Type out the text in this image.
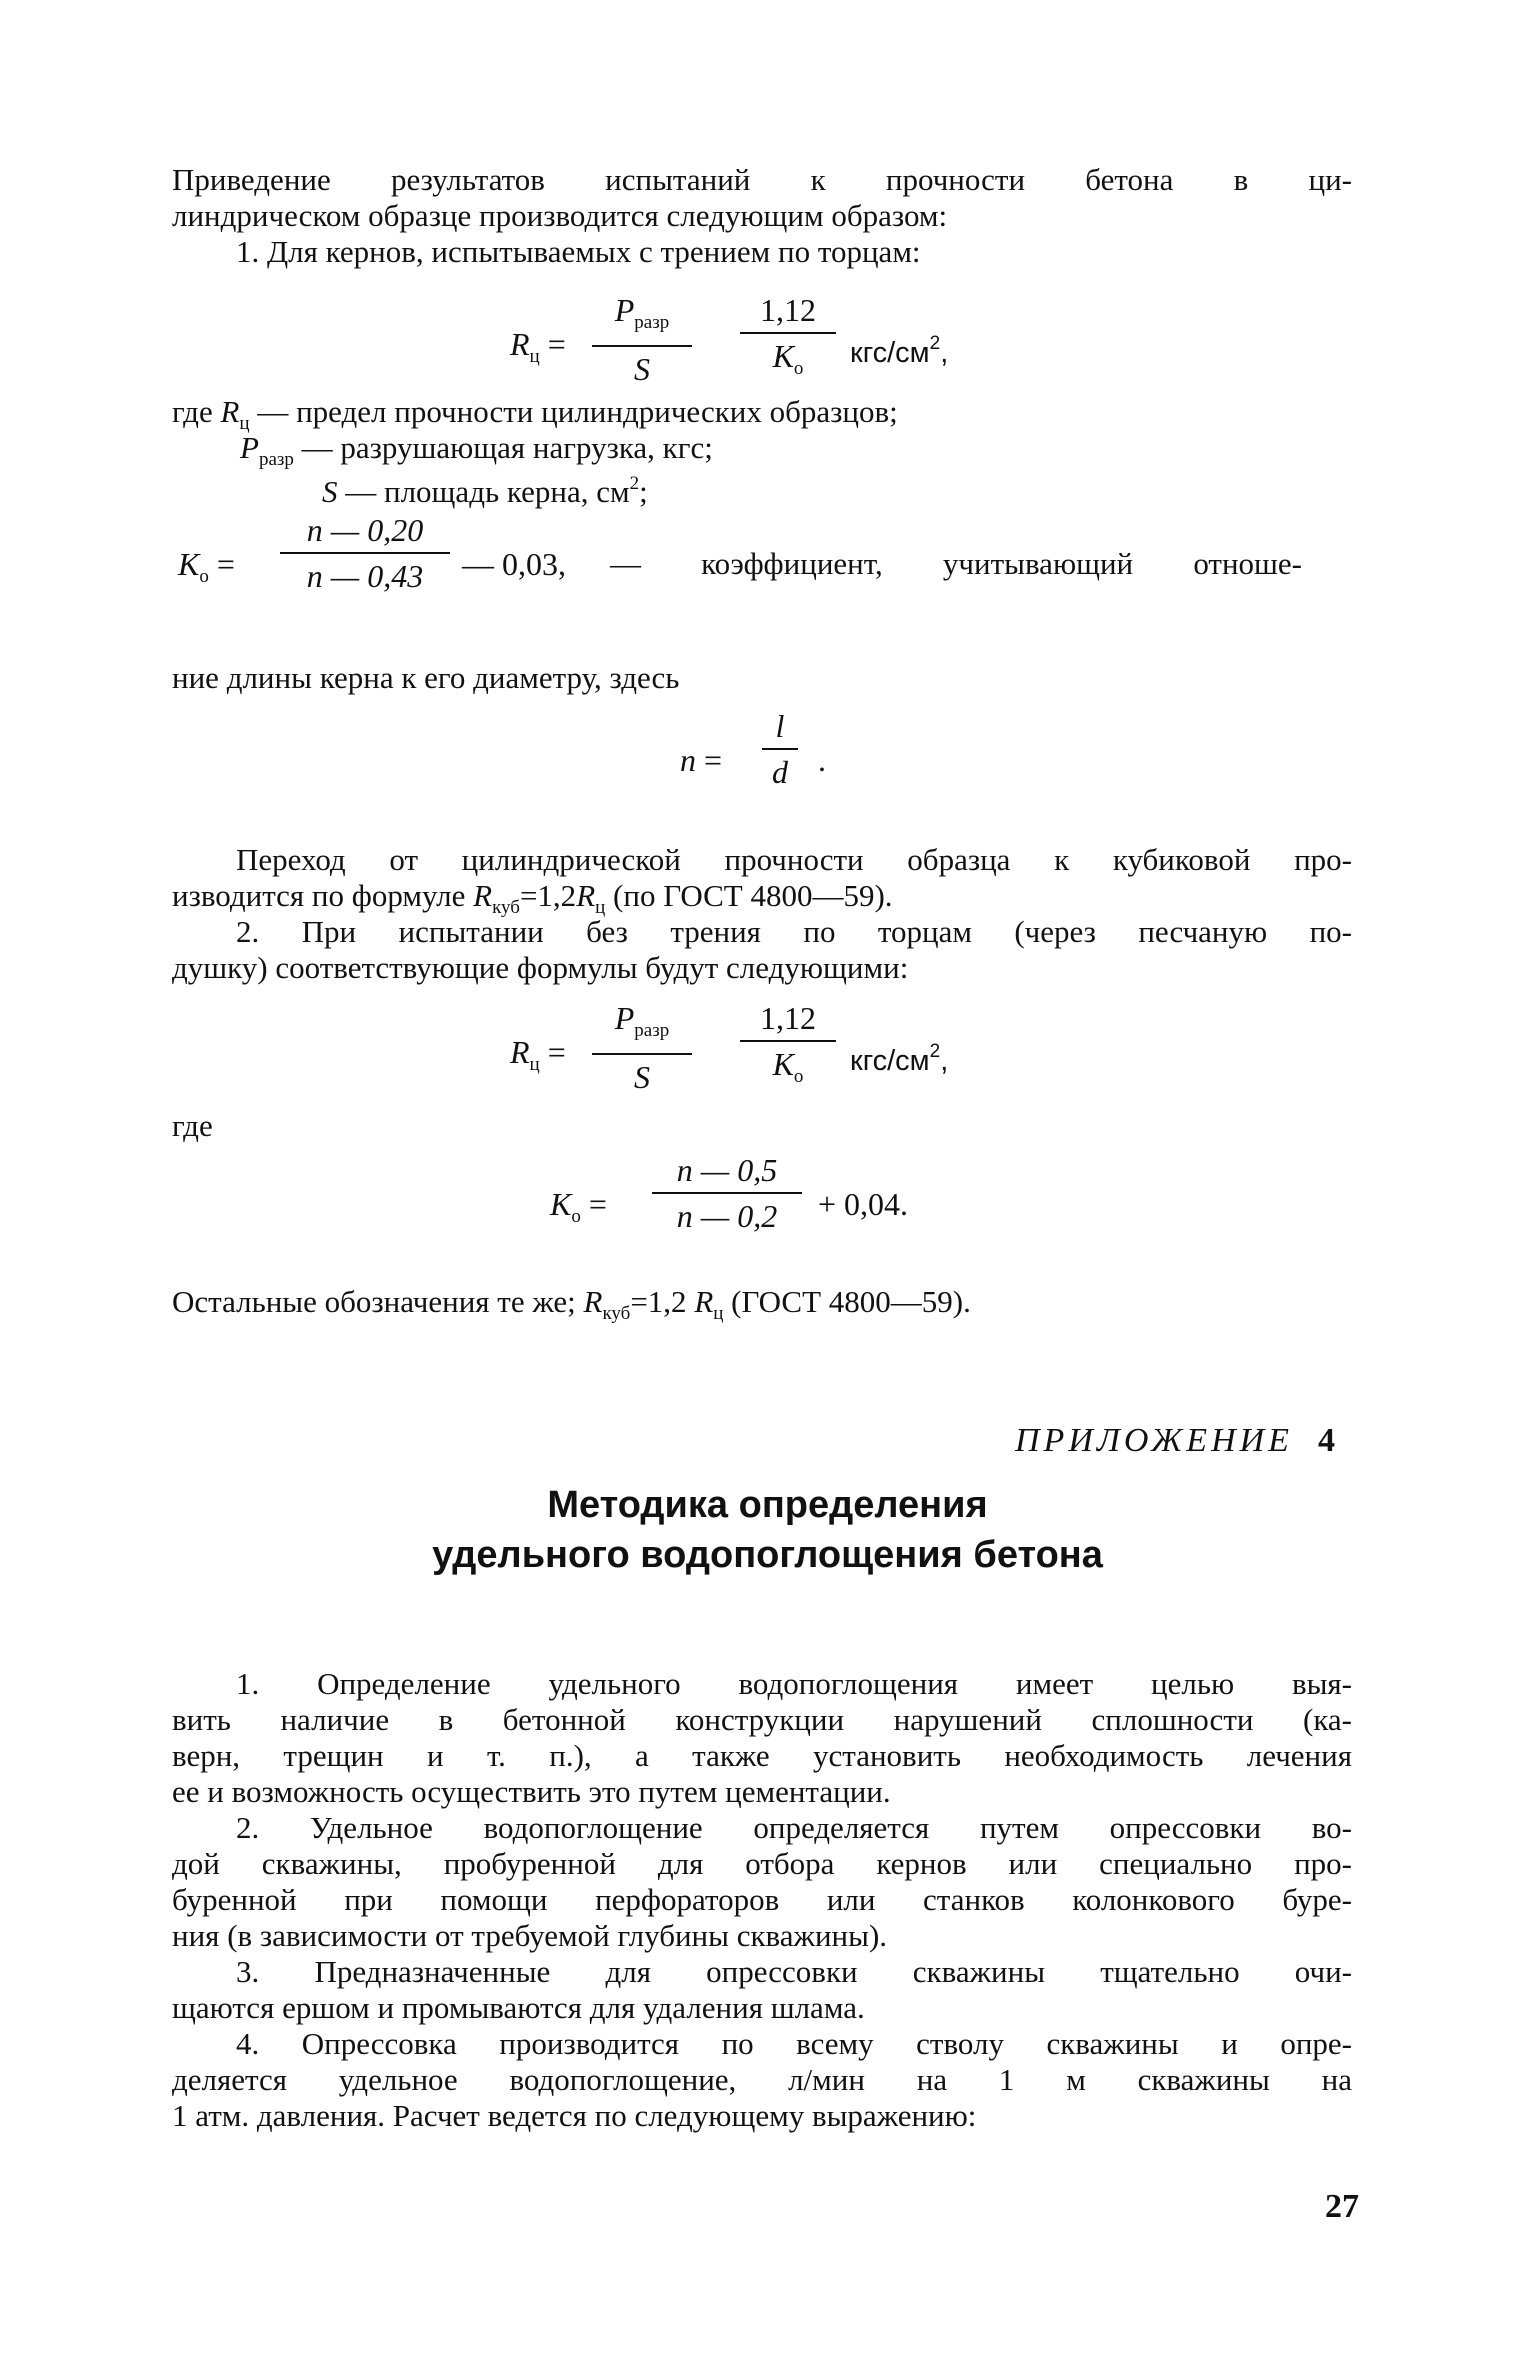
Приведение результатов испытаний к прочности бетона в ци-
линдрическом образце производится следующим образом:
1. Для кернов, испытываемых с трением по торцам:
$R_ц$ =
$P_{разр}$
S
1,12
$K_о$	кгс/$см^2$,
где $R_ц$ — предел прочности цилиндрических образцов;
$P_{разр}$ — разрушающая нагрузка, кгс;
S — площадь керна, $см^2$;
$K_о$ =
n — 0,20
n — 0,43	— 0,03, — коэффициент, учитывающий отноше-
ние длины керна к его диаметру, здесь
n =
l
d .
Переход от цилиндрической прочности образца к кубиковой про-
изводится по формуле $R_{куб}=1,2R_ц$ (по ГОСТ 4800—59).
2. При испытании без трения по торцам (через песчаную по-
душку) соответствующие формулы будут следующими:
$R_ц$ =
$P_{разр}$
S
1,12
$K_о$	кгс/$см^2$,
где
$K_о$ =
n — 0,5
n — 0,2	+ 0,04.
Остальные обозначения те же; $R_{куб}=1,2$ $R_ц$ (ГОСТ 4800—59).
ПРИЛОЖЕНИЕ 4
Методика определения
удельного водопоглощения бетона
1. Определение удельного водопоглощения имеет целью выя-
вить наличие в бетонной конструкции нарушений сплошности (ка-
верн, трещин и т. п.), а также установить необходимость лечения
ее и возможность осуществить это путем цементации.
2. Удельное водопоглощение определяется путем опрессовки во-
дой скважины, пробуренной для отбора кернов или специально про-
буренной при помощи перфораторов или станков колонкового буре-
ния (в зависимости от требуемой глубины скважины).
3. Предназначенные для опрессовки скважины тщательно очи-
щаются ершом и промываются для удаления шлама.
4. Опрессовка производится по всему стволу скважины и опре-
деляется удельное водопоглощение, л/мин на 1 м скважины на
1 атм. давления. Расчет ведется по следующему выражению:
27
